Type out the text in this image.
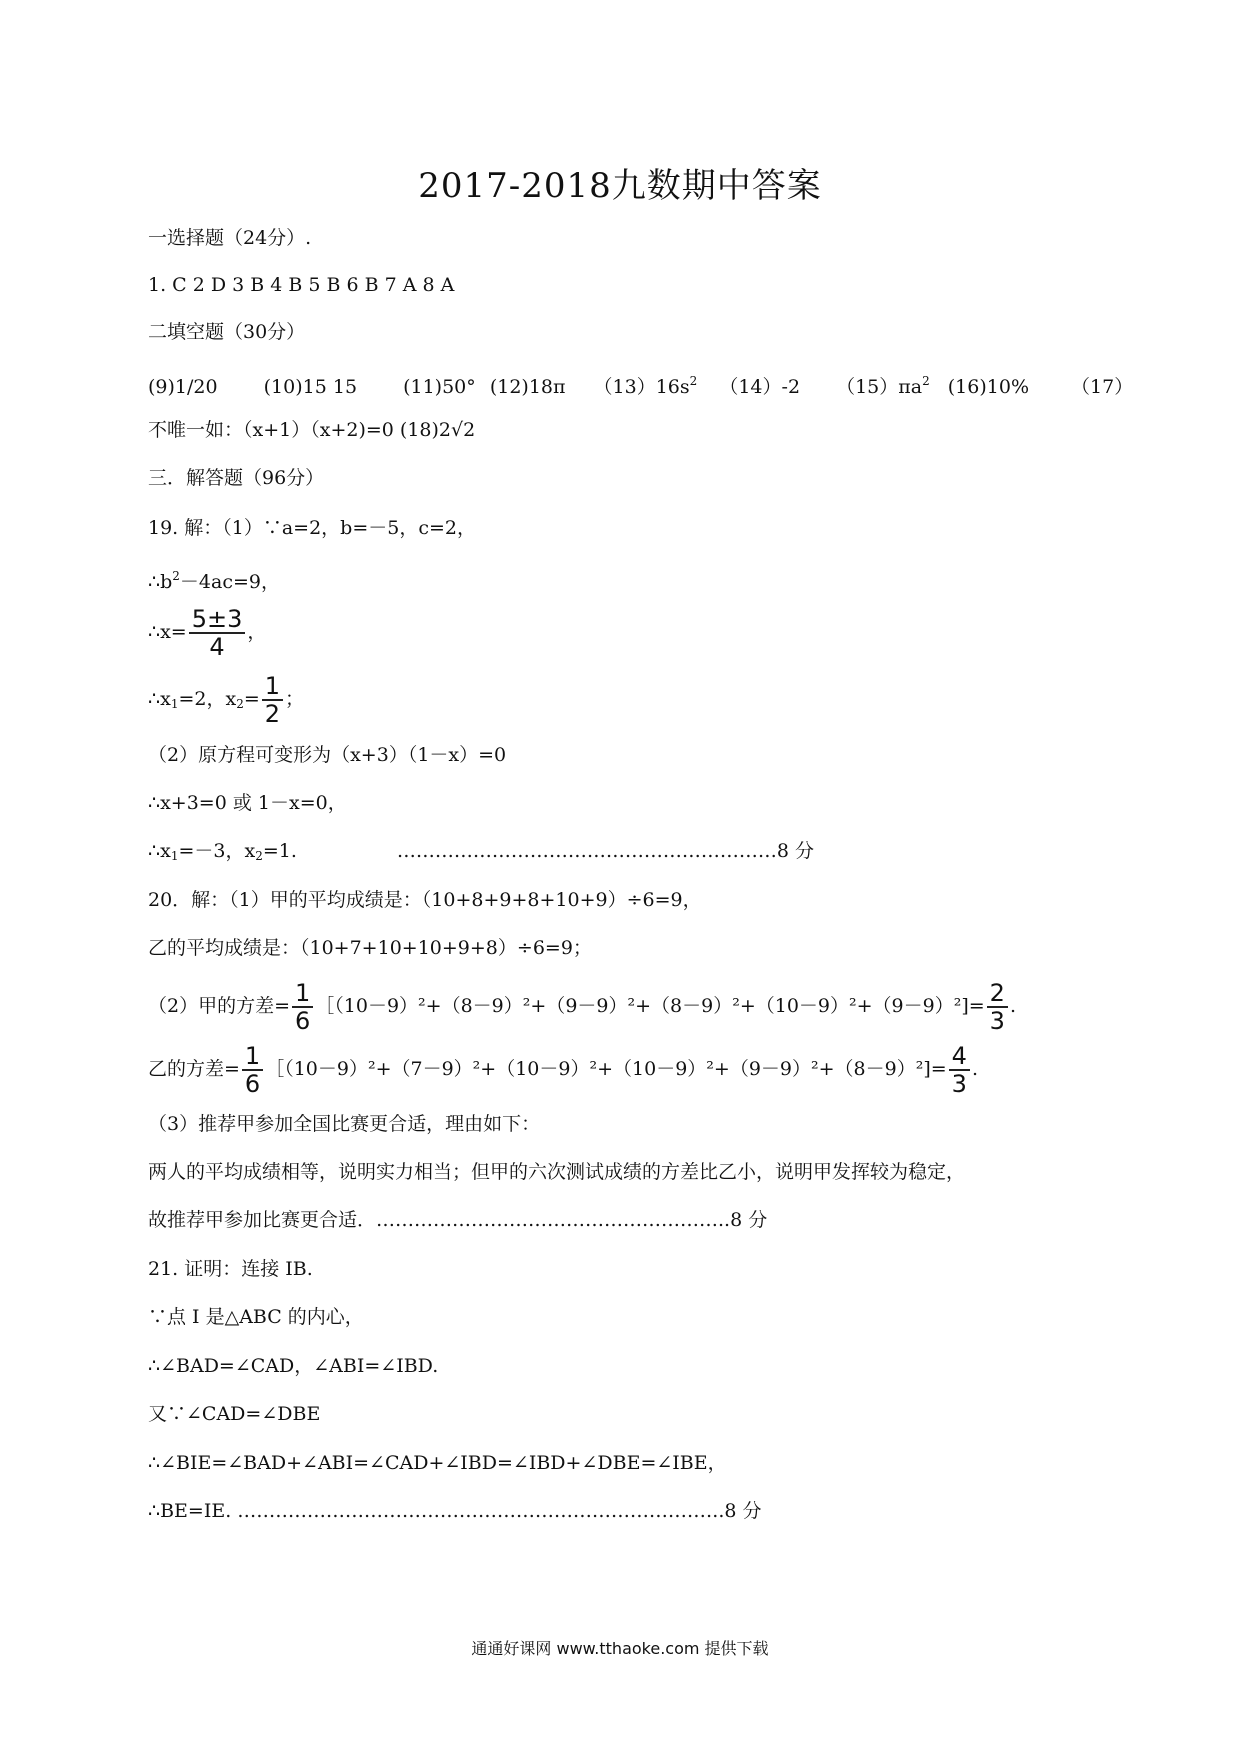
2017-2018九数期中答案
一选择题（24分）.
1. C 2 D 3 B 4 B 5 B 6 B 7 A 8 A
二填空题（30分）
(9)1/20 (10)15 15 (11)50° (12)18π $(13)16s^2$ （14）-2 $(15)\pi a^2$ (16)10% （17）
不唯一如：（x+1）（x+2)=0 (18)2√2
三．解答题（96分）
19. 解：（1）∵a=2，b=－5，c=2，
$\therefore b^2-4ac=9$，
∴x= $\frac{5\pm 3}{4}$ ，
$\therefore x_1=2$，$x_2= \frac{1}{2}$ ；
（2）原方程可变形为（x+3）（1－x）=0
∴x+3=0 或 1－x=0，
$\therefore x_1=-3$，$x_2=1$.	……………………………………………………8 分
20．解：（1）甲的平均成绩是：（10+8+9+8+10+9）÷6=9，
乙的平均成绩是：（10+7+10+10+9+8）÷6=9；
（2）甲的方差= $\frac{1}{6}$ ［（10－9）²+（8－9）²+（9－9）²+（8－9）²+（10－9）²+（9－9）²]= $\frac{2}{3}$ .
乙的方差= $\frac{1}{6}$ ［（10－9）²+（7－9）²+（10－9）²+（10－9）²+（9－9）²+（8－9）²]= $\frac{4}{3}$ .
（3）推荐甲参加全国比赛更合适，理由如下：
两人的平均成绩相等，说明实力相当；但甲的六次测试成绩的方差比乙小，说明甲发挥较为稳定，
故推荐甲参加比赛更合适．………………………………………………..8 分
21. 证明：连接 IB.
∵点 I 是△ABC 的内心，
∴∠BAD=∠CAD，∠ABI=∠IBD.
又∵∠CAD=∠DBE
∴∠BIE=∠BAD+∠ABI=∠CAD+∠IBD=∠IBD+∠DBE=∠IBE，
∴BE=IE. …………………………………………………………………..8 分
通通好课网 www.tthaoke.com 提供下载
